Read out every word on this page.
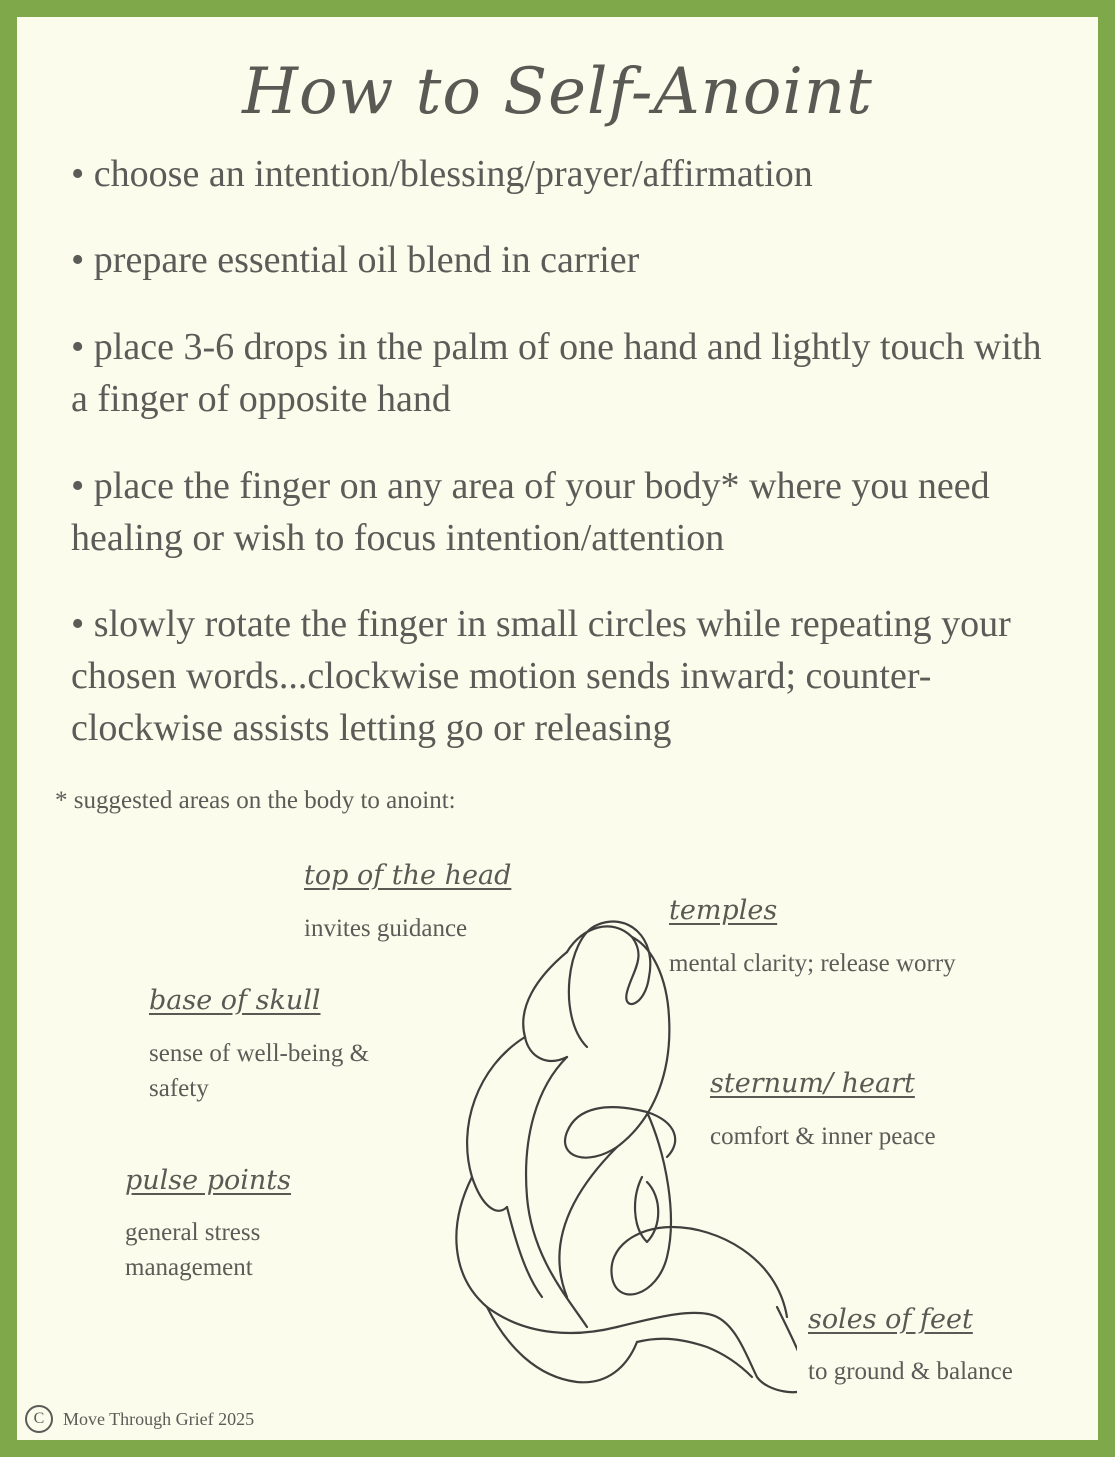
How to Self-Anoint

• choose an intention/blessing/prayer/affirmation

• prepare essential oil blend in carrier

• place 3-6 drops in the palm of one hand and lightly touch with a finger of opposite hand

• place the finger on any area of your body* where you need healing or wish to focus intention/attention

• slowly rotate the finger in small circles while repeating your chosen words...clockwise motion sends inward; counter-clockwise assists letting go or releasing

* suggested areas on the body to anoint:

top of the head

invites guidance

temples

mental clarity; release worry

base of skull

sense of well-being & safety	sternum/ heart

comfort & inner peace

pulse points

general stress management

soles of feet

to ground & balance

C	Move Through Grief 2025
